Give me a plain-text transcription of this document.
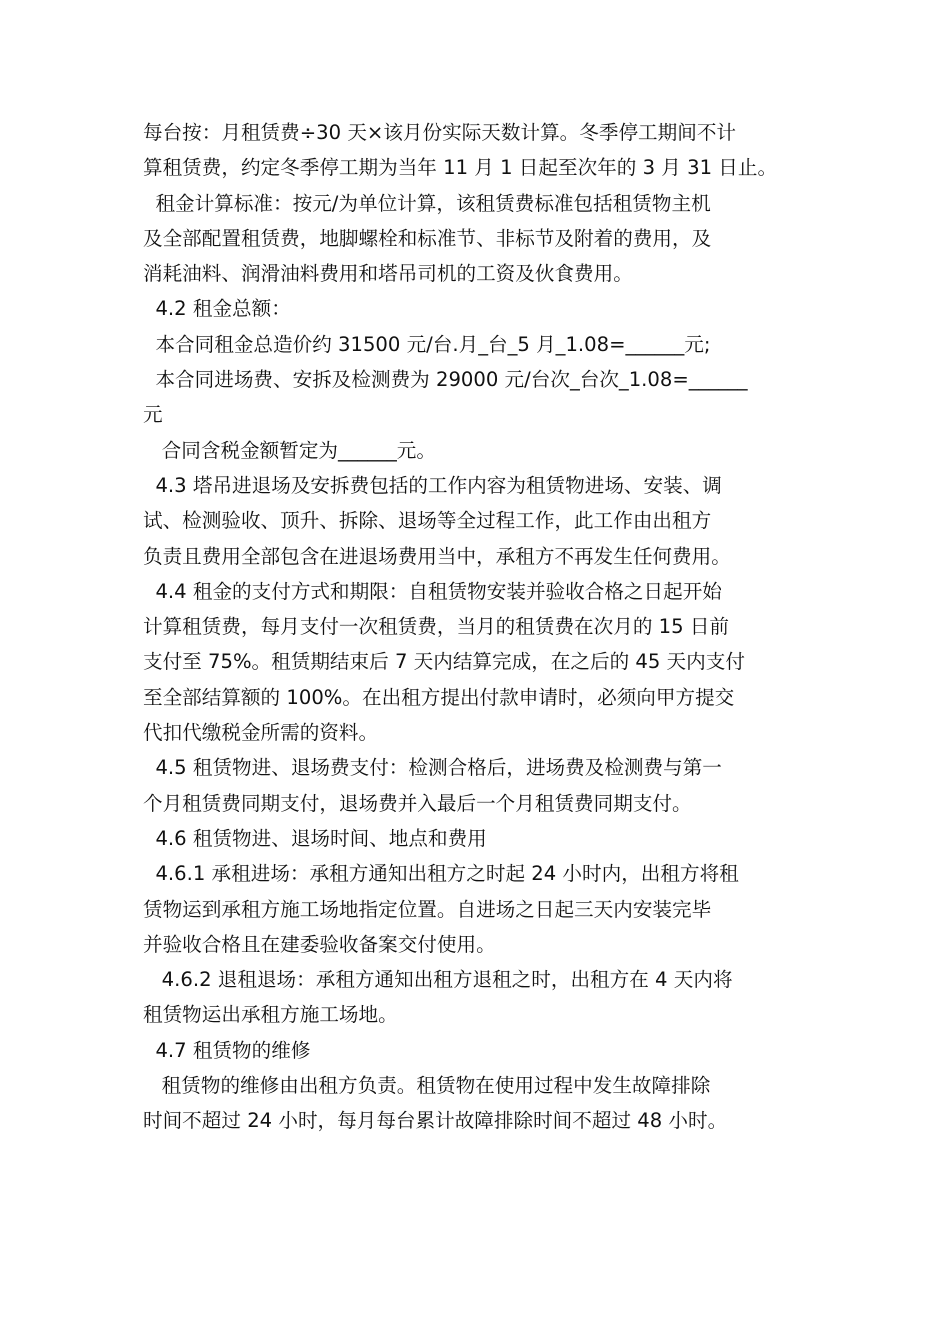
每台按：月租赁费÷30 天×该月份实际天数计算。冬季停工期间不计
算租赁费，约定冬季停工期为当年 11 月 1 日起至次年的 3 月 31 日止。
租金计算标准：按元/为单位计算，该租赁费标准包括租赁物主机
及全部配置租赁费，地脚螺栓和标准节、非标节及附着的费用，及
消耗油料、润滑油料费用和塔吊司机的工资及伙食费用。
4.2 租金总额：
本合同租金总造价约 31500 元/台.月_台_5 月_1.08=______元;
本合同进场费、安拆及检测费为 29000 元/台次_台次_1.08=______
元
合同含税金额暂定为______元。
4.3 塔吊进退场及安拆费包括的工作内容为租赁物进场、安装、调
试、检测验收、顶升、拆除、退场等全过程工作，此工作由出租方
负责且费用全部包含在进退场费用当中，承租方不再发生任何费用。
4.4 租金的支付方式和期限：自租赁物安装并验收合格之日起开始
计算租赁费，每月支付一次租赁费，当月的租赁费在次月的 15 日前
支付至 75%。租赁期结束后 7 天内结算完成，在之后的 45 天内支付
至全部结算额的 100%。在出租方提出付款申请时，必须向甲方提交
代扣代缴税金所需的资料。
4.5 租赁物进、退场费支付：检测合格后，进场费及检测费与第一
个月租赁费同期支付，退场费并入最后一个月租赁费同期支付。
4.6 租赁物进、退场时间、地点和费用
4.6.1 承租进场：承租方通知出租方之时起 24 小时内，出租方将租
赁物运到承租方施工场地指定位置。自进场之日起三天内安装完毕
并验收合格且在建委验收备案交付使用。
4.6.2 退租退场：承租方通知出租方退租之时，出租方在 4 天内将
租赁物运出承租方施工场地。
4.7 租赁物的维修
租赁物的维修由出租方负责。租赁物在使用过程中发生故障排除
时间不超过 24 小时，每月每台累计故障排除时间不超过 48 小时。
